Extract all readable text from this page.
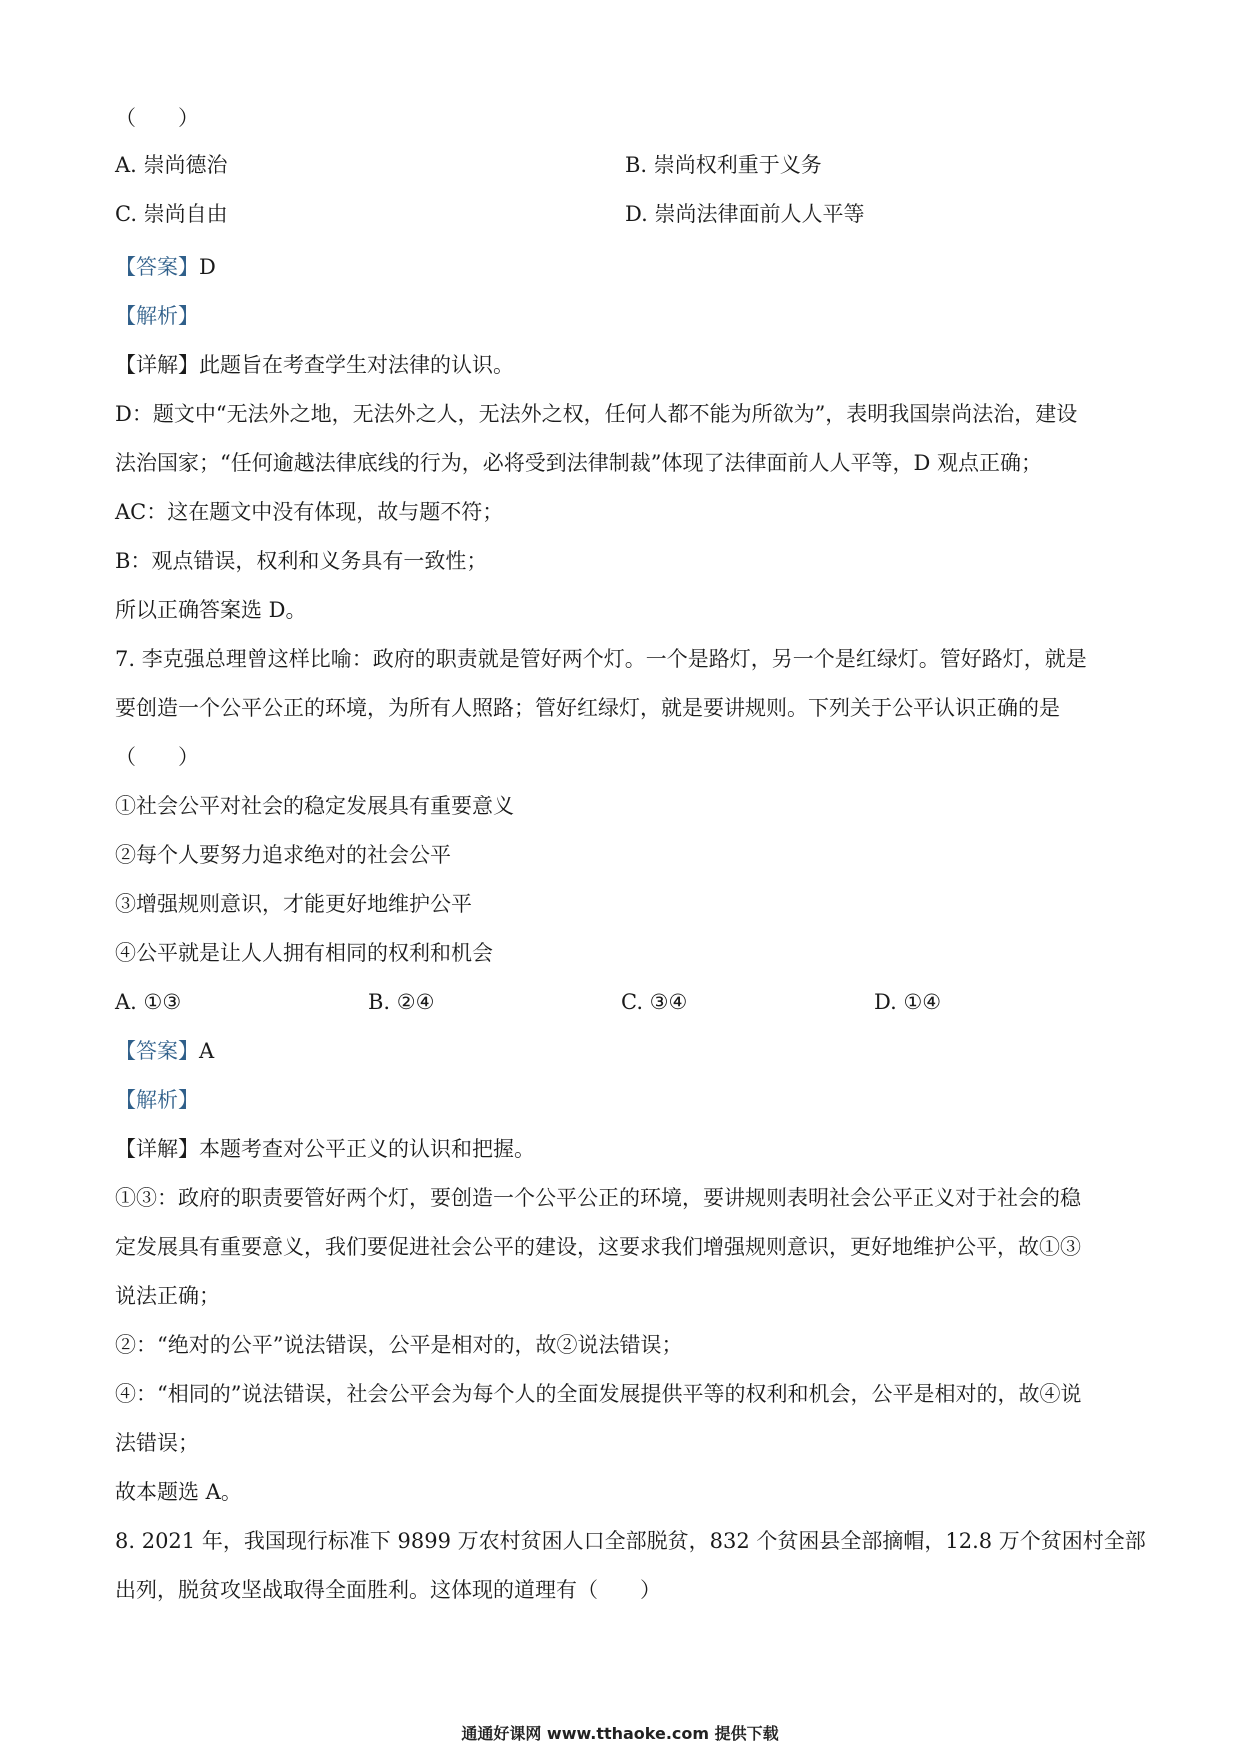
（　　）
A. 崇尚德治	B. 崇尚权利重于义务
C. 崇尚自由	D. 崇尚法律面前人人平等
【答案】D
【解析】
【详解】此题旨在考查学生对法律的认识。
D：题文中“无法外之地，无法外之人，无法外之权，任何人都不能为所欲为”，表明我国崇尚法治，建设
法治国家；“任何逾越法律底线的行为，必将受到法律制裁”体现了法律面前人人平等，D 观点正确；
AC：这在题文中没有体现，故与题不符；
B：观点错误，权利和义务具有一致性；
所以正确答案选 D。
7. 李克强总理曾这样比喻：政府的职责就是管好两个灯。一个是路灯，另一个是红绿灯。管好路灯，就是
要创造一个公平公正的环境，为所有人照路；管好红绿灯，就是要讲规则。下列关于公平认识正确的是
（　　）
①社会公平对社会的稳定发展具有重要意义
②每个人要努力追求绝对的社会公平
③增强规则意识，才能更好地维护公平
④公平就是让人人拥有相同的权利和机会
A. ①③	B. ②④	C. ③④	D. ①④
【答案】A
【解析】
【详解】本题考查对公平正义的认识和把握。
①③：政府的职责要管好两个灯，要创造一个公平公正的环境，要讲规则表明社会公平正义对于社会的稳
定发展具有重要意义，我们要促进社会公平的建设，这要求我们增强规则意识，更好地维护公平，故①③
说法正确；
②：“绝对的公平”说法错误，公平是相对的，故②说法错误；
④：“相同的”说法错误，社会公平会为每个人的全面发展提供平等的权利和机会，公平是相对的，故④说
法错误；
故本题选 A。
8. 2021 年，我国现行标准下 9899 万农村贫困人口全部脱贫，832 个贫困县全部摘帽，12.8 万个贫困村全部
出列，脱贫攻坚战取得全面胜利。这体现的道理有（　　）
通通好课网 www.tthaoke.com 提供下载
